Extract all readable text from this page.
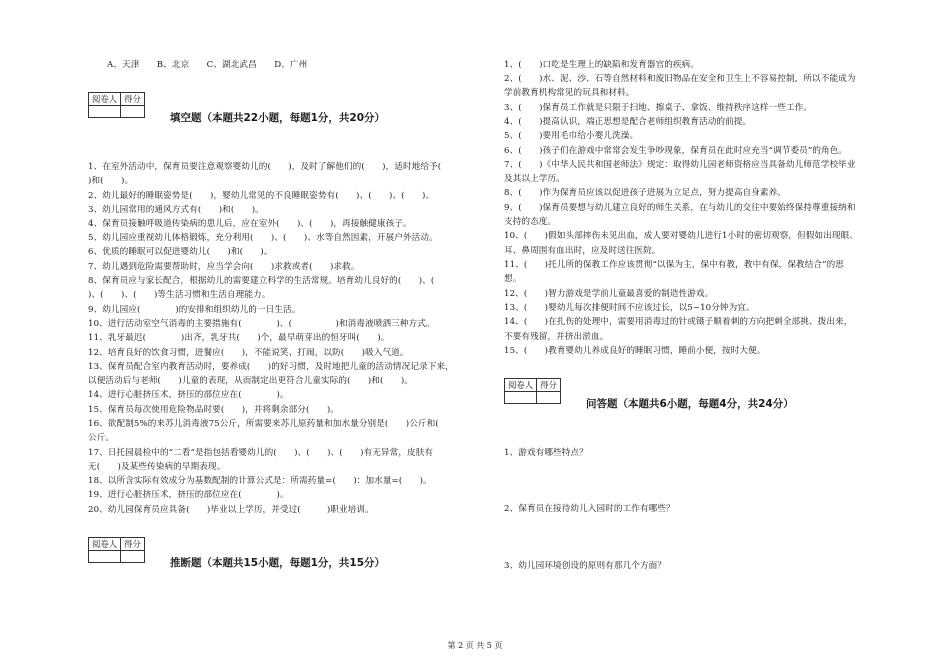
A、天津　　B、北京　　C、湖北武昌　　D、广州
阅卷人	得分

填空题（本题共22小题，每题1分，共20分）
1、在室外活动中，保育员要注意观察婴幼儿的(　　)，及时了解他们的(　　)，适时地给予(
)和(　　)。
2、幼儿最好的睡眠姿势是(　　)，婴幼儿常见的不良睡眠姿势有(　　)、(　　)、(　　)。
3、幼儿园常用的通风方式有(　　)和(　　)。
4、保育员接触呼吸道传染病的患儿后，应在室外(　　)、(　　)，再接触健康孩子。
5、幼儿园应重视幼儿体格锻炼，充分利用(　　)、(　　)、水等自然因素，开展户外活动。
6、优质的睡眠可以促进婴幼儿(　　)和(　　)。
7、幼儿遇到危险需要帮助时，应当学会向(　　)求救或者(　　)求救。
8、保育员应与家长配合，根据幼儿的需要建立科学的生活常规。培育幼儿良好的(　　)、(
)、(　　)、(　　)等生活习惯和生活自理能力。
9、幼儿园应(　　　　)的安排和组织幼儿的一日生活。
10、进行活动室空气消毒的主要措施有(　　　　)、(　　　　　)和消毒液喷洒三种方式。
11、乳牙最迟(　　　　)出齐，乳牙共(　　)个，最早萌芽出的恒牙叫(　　)。
12、培育良好的饮食习惯，进餐应(　　)，不能说笑、打闹，以防(　　)吸入气道。
13、保育员配合室内教育活动时，要养成(　　)的好习惯，及时地把儿童的活动情况记录下来，
以便活动后与老师(　　)儿童的表现，从而制定出更符合儿童实际的(　　)和(　　)。
14、进行心脏挤压术，挤压的部位应在(　　　　)。
15、保育员每次使用危险物品时要(　　)，并将剩余部分(　　)。
16、欲配制5%的来苏儿消毒液75公斤，所需要来苏儿原药量和加水量分别是(　　)公斤和(
公斤。
17、日托园晨检中的“二看”是指包括看婴幼儿的(　　)、(　　)、(　　)有无异常，皮肤有
无(　　)及某些传染病的早期表现。
18、以所含实际有效成分为基数配制的计算公式是：所需药量=(　　)：加水量=(　　)。
19、进行心脏挤压术，挤压的部位应在(　　　　)。
20、幼儿园保育员应具备(　　)毕业以上学历，并受过(　　　)职业培训。
阅卷人	得分

推断题（本题共15小题，每题1分，共15分）
1、(　　)口吃是生理上的缺陷和发育器官的疾病。
2、(　　)水、泥、沙、石等自然材料和废旧物品在安全和卫生上不容易控制，所以不能成为
学前教育机构常见的玩具和材料。
3、(　　)保育员工作就是只限于扫地、擦桌子、拿饭、维持秩序这样一些工作。
4、(　　)提高认识，端正思想是配合老师组织教育活动的前提。
5、(　　)要用毛巾给小婴儿洗澡。
6、(　　)孩子们在游戏中常常会发生争吵现象，保育员在此时应充当“调节委员”的角色。
7、(　　)《中华人民共和国老师法》规定：取得幼儿园老师资格应当具备幼儿师范学校毕业
及其以上学历。
8、(　　)作为保育员应该以促进孩子进展为立足点，努力提高自身素养。
9、(　　)保育员要想与幼儿建立良好的师生关系，在与幼儿的交往中要始终保持尊重接纳和
支持的态度。
10、(　　)假如头部摔伤未见出血，成人要对婴幼儿进行1小时的密切观察，但假如出现眼、
耳、鼻周围有血出时，应及时送往医院。
11、(　　)托儿所的保教工作应该贯彻“以保为主，保中有教，教中有保，保教结合”的思
想。
12、(　　)智力游戏是学前儿童最喜爱的制造性游戏。
13、(　　)婴幼儿每次排便时间不应该过长，以5~10分钟为宜。
14、(　　)在扎伤的处理中，需要用消毒过的针或镊子顺着刺的方向把刺全部挑、拨出来，
不要有残留，并挤出淤血。
15、(　　)教育婴幼儿养成良好的睡眠习惯，睡前小便，按时大便。
阅卷人	得分

问答题（本题共6小题，每题4分，共24分）
1、游戏有哪些特点？
2、保育员在接待幼儿入园时的工作有哪些？
3、幼儿园环境创设的原则有那几个方面？
第 2 页 共 5 页
